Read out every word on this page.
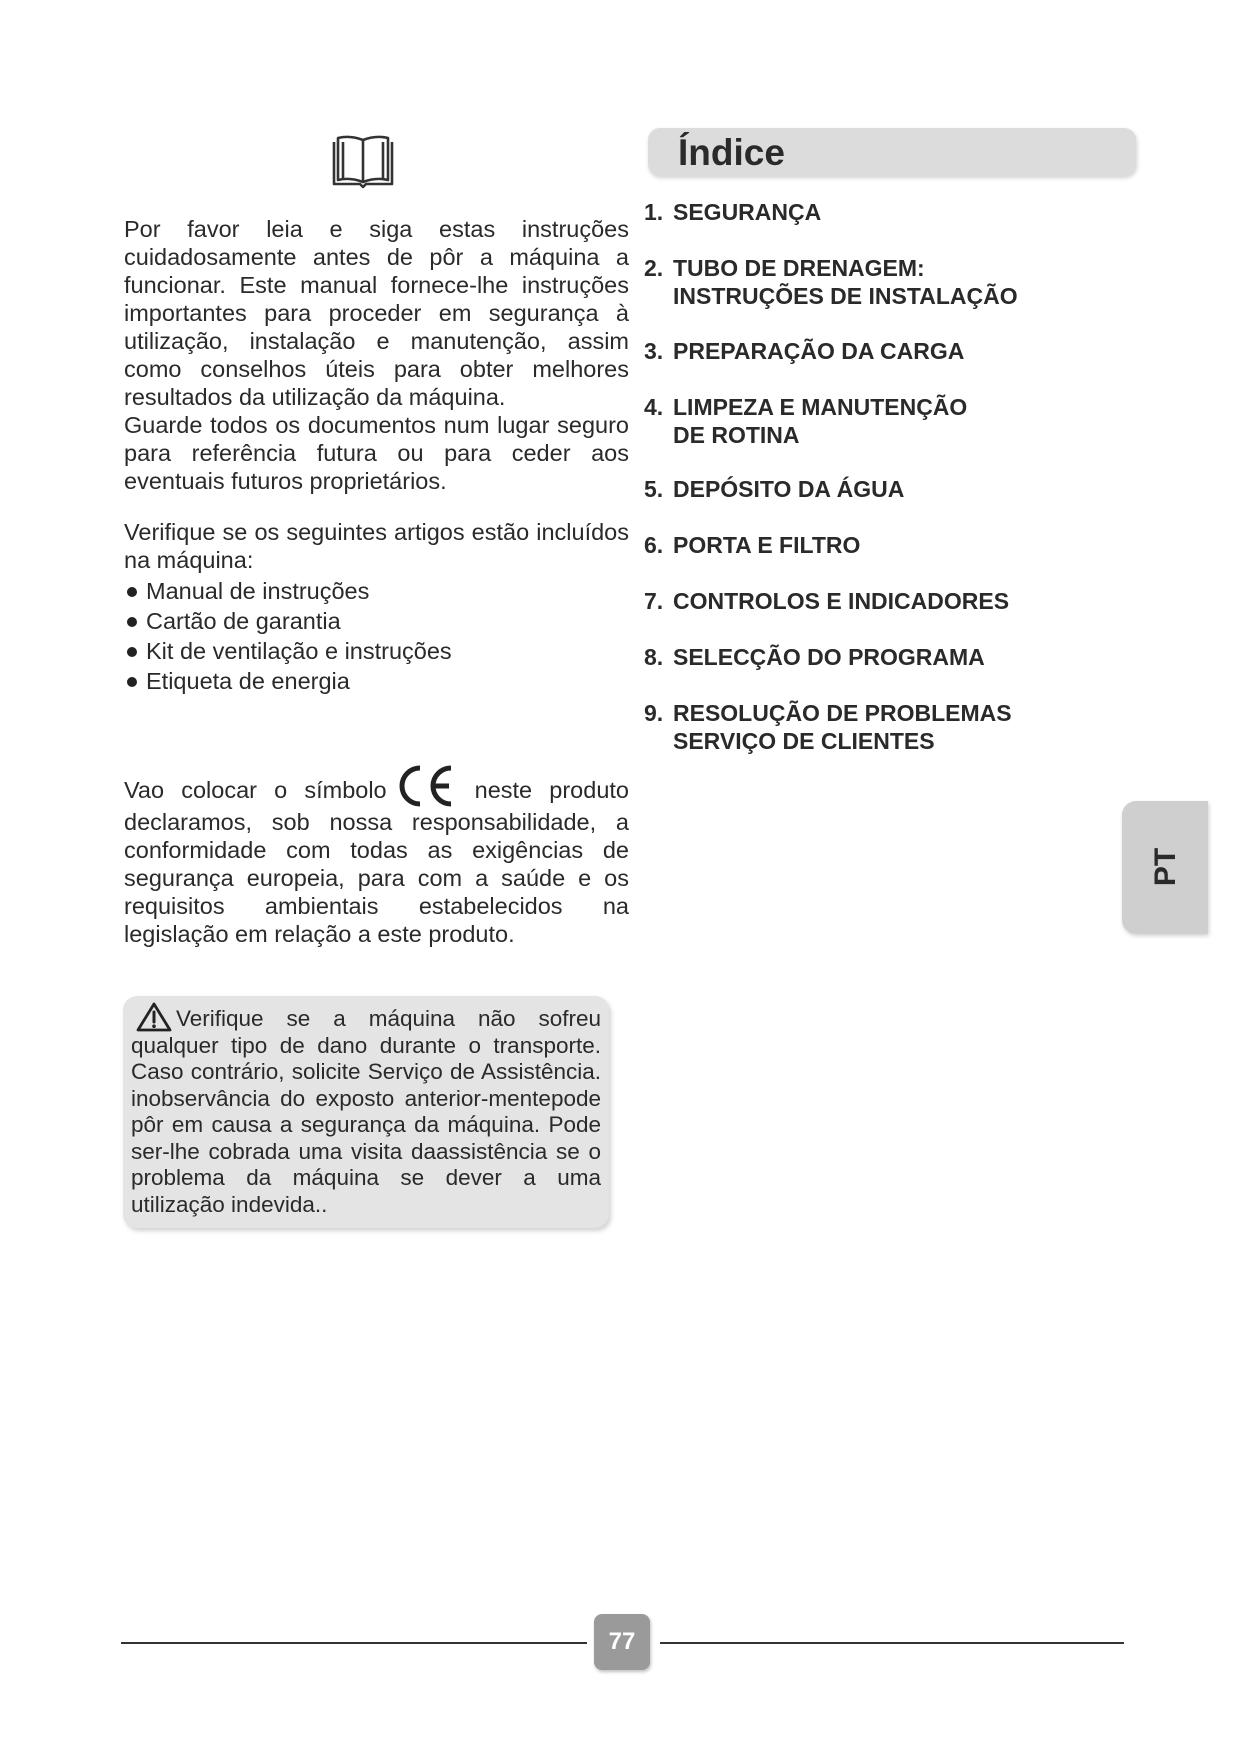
Por favor leia e siga estas instruções cuidadosamente antes de pôr a máquina a funcionar. Este manual fornece-lhe instruções importantes para proceder em segurança à utilização, instalação e manutenção, assim como conselhos úteis para obter melhores resultados da utilização da máquina.

Guarde todos os documentos num lugar seguro para referência futura ou para ceder aos eventuais futuros proprietários.

Verifique se os seguintes artigos estão incluídos na máquina:

Manual de instruções
Cartão de garantia
Kit de ventilação e instruções
Etiqueta de energia

Vao colocar o símbolo	neste produto declaramos, sob nossa responsabilidade, a conformidade com todas as exigências de segurança europeia, para com a saúde e os requisitos ambientais estabelecidos na legislação em relação a este produto.

Verifique se a máquina não sofreu qualquer tipo de dano durante o transporte. Caso contrário, solicite Serviço de Assistência. inobservância do exposto anterior-mentepode pôr em causa a segurança da máquina. Pode ser-lhe cobrada uma visita daassistência se o problema da máquina se dever a uma utilização indevida..

Índice
1. SEGURANÇA
2. TUBO DE DRENAGEM:
INSTRUÇÕES DE INSTALAÇÃO
3. PREPARAÇÃO DA CARGA
4. LIMPEZA E MANUTENÇÃO
DE ROTINA
5. DEPÓSITO DA ÁGUA
6. PORTA E FILTRO
7. CONTROLOS E INDICADORES
8. SELECÇÃO DO PROGRAMA
9. RESOLUÇÃO DE PROBLEMAS
SERVIÇO DE CLIENTES
PT
77
